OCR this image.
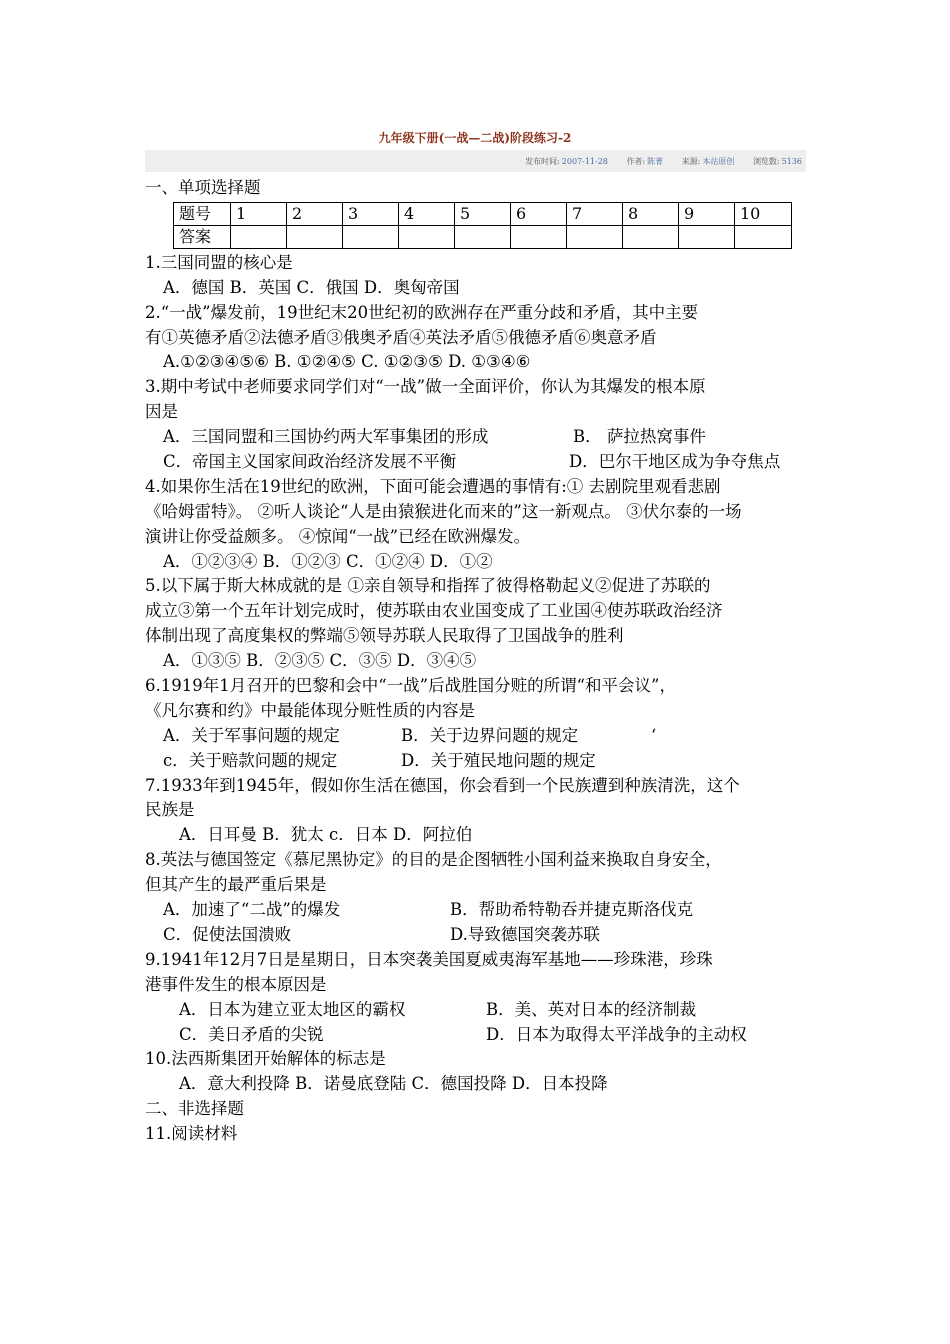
九年级下册(一战—二战)阶段练习-2
发布时间: 2007-11-28 作者: 陈菁 来源: 本站原创 浏览数: 5136
一、单项选择题
题号	1	2	3	4	5	6	7	8	9	10
答案										
1.三国同盟的核心是
A．德国 B．英国 C．俄国 D．奥匈帝国
2.“一战”爆发前，19世纪末20世纪初的欧洲存在严重分歧和矛盾，其中主要
有①英德矛盾②法德矛盾③俄奥矛盾④英法矛盾⑤俄德矛盾⑥奥意矛盾
A.①②③④⑤⑥ B. ①②④⑤ C. ①②③⑤ D. ①③④⑥
3.期中考试中老师要求同学们对“一战”做一全面评价，你认为其爆发的根本原
因是
A．三国同盟和三国协约两大军事集团的形成	B． 萨拉热窝事件
C．帝国主义国家间政治经济发展不平衡	D．巴尔干地区成为争夺焦点
4.如果你生活在19世纪的欧洲，下面可能会遭遇的事情有:① 去剧院里观看悲剧
《哈姆雷特》。 ②听人谈论“人是由猿猴进化而来的”这一新观点。 ③伏尔泰的一场
演讲让你受益颇多。 ④惊闻“一战”已经在欧洲爆发。
A．①②③④ B．①②③ C．①②④ D．①②
5.以下属于斯大林成就的是 ①亲自领导和指挥了彼得格勒起义②促进了苏联的
成立③第一个五年计划完成时，使苏联由农业国变成了工业国④使苏联政治经济
体制出现了高度集权的弊端⑤领导苏联人民取得了卫国战争的胜利
A．①③⑤ B．②③⑤ C．③⑤ D．③④⑤
6.1919年1月召开的巴黎和会中“一战”后战胜国分赃的所谓“和平会议”，
《凡尔赛和约》中最能体现分赃性质的内容是
A．关于军事问题的规定	B．关于边界问题的规定	‘
c．关于赔款问题的规定	D．关于殖民地问题的规定
7.1933年到1945年，假如你生活在德国，你会看到一个民族遭到种族清洗，这个
民族是
A．日耳曼 B．犹太 c．日本 D．阿拉伯
8.英法与德国签定《慕尼黑协定》的目的是企图牺牲小国利益来换取自身安全，
但其产生的最严重后果是
A．加速了“二战”的爆发	B．帮助希特勒吞并捷克斯洛伐克
C．促使法国溃败	D.导致德国突袭苏联
9.1941年12月7日是星期日，日本突袭美国夏威夷海军基地——珍珠港，珍珠
港事件发生的根本原因是
A．日本为建立亚太地区的霸权	B．美、英对日本的经济制裁
C．美日矛盾的尖锐	D．日本为取得太平洋战争的主动权
10.法西斯集团开始解体的标志是
A．意大利投降 B．诺曼底登陆 C．德国投降 D．日本投降
二、非选择题
11.阅读材料
